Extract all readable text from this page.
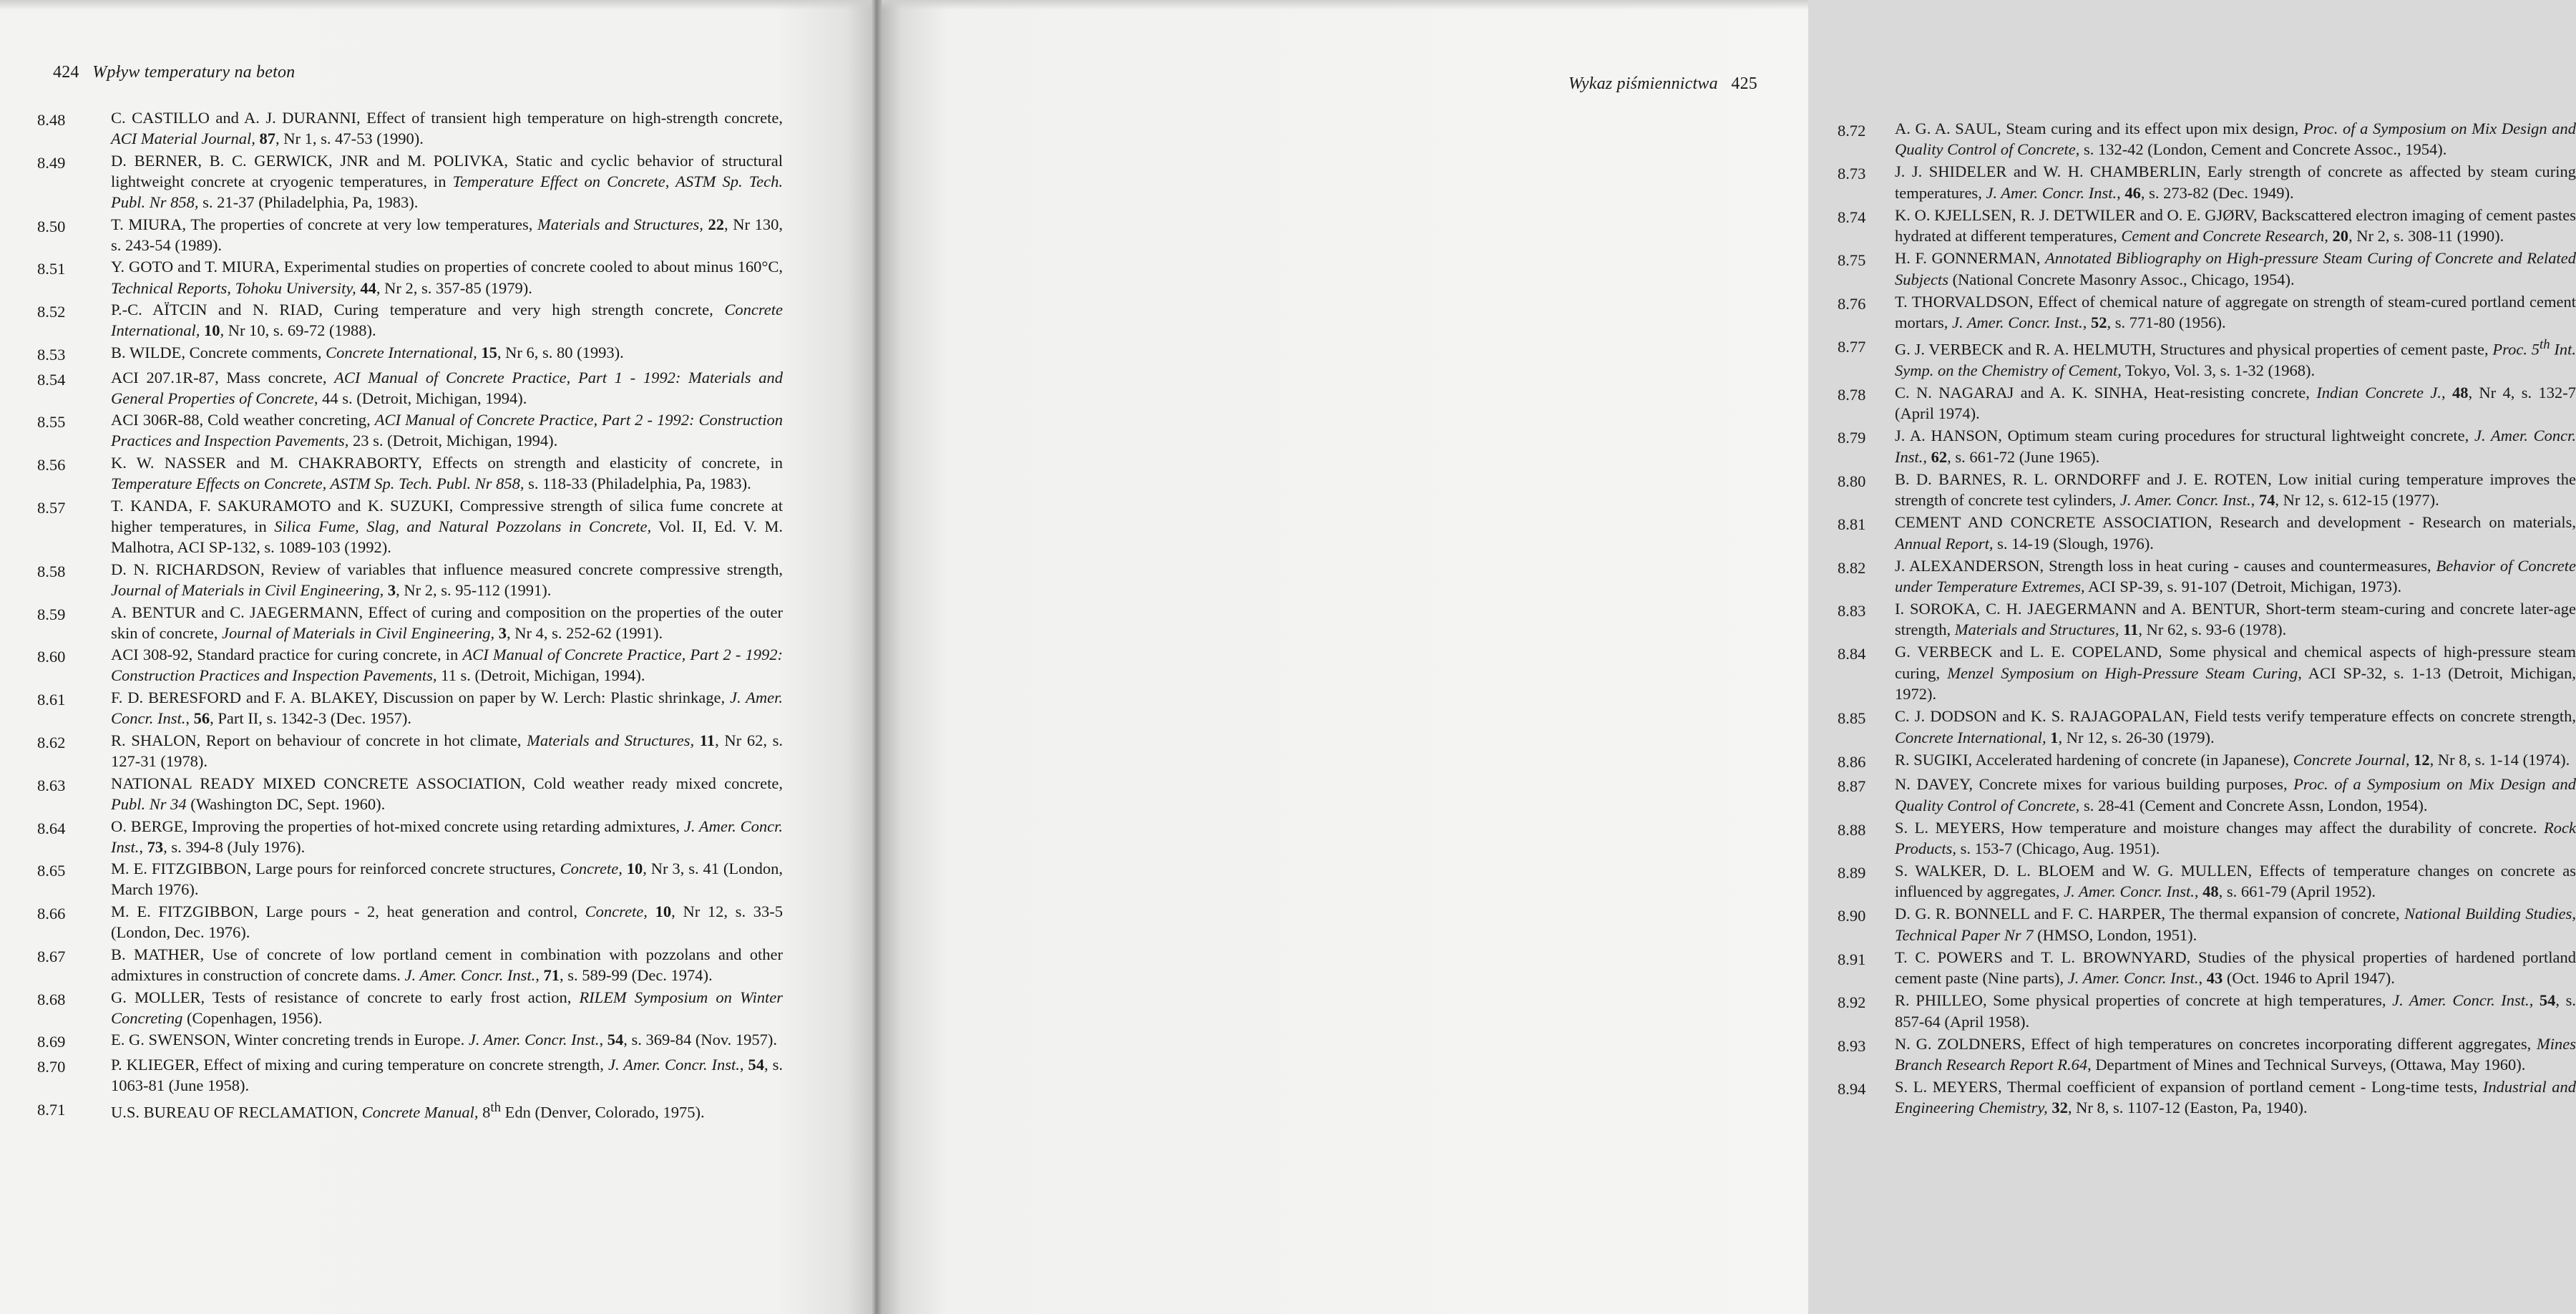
424 Wpływ temperatury na beton
8.48	C. CASTILLO and A. J. DURANNI, Effect of transient high temperature on high-strength concrete, ACI Material Journal, 87, Nr 1, s. 47-53 (1990).
8.49	D. BERNER, B. C. GERWICK, JNR and M. POLIVKA, Static and cyclic behavior of structural lightweight concrete at cryogenic temperatures, in Temperature Effect on Concrete, ASTM Sp. Tech. Publ. Nr 858, s. 21-37 (Philadelphia, Pa, 1983).
8.50	T. MIURA, The properties of concrete at very low temperatures, Materials and Structures, 22, Nr 130, s. 243-54 (1989).
8.51	Y. GOTO and T. MIURA, Experimental studies on properties of concrete cooled to about minus 160°C, Technical Reports, Tohoku University, 44, Nr 2, s. 357-85 (1979).
8.52	P.-C. AÏTCIN and N. RIAD, Curing temperature and very high strength concrete, Concrete International, 10, Nr 10, s. 69-72 (1988).
8.53	B. WILDE, Concrete comments, Concrete International, 15, Nr 6, s. 80 (1993).
8.54	ACI 207.1R-87, Mass concrete, ACI Manual of Concrete Practice, Part 1 - 1992: Materials and General Properties of Concrete, 44 s. (Detroit, Michigan, 1994).
8.55	ACI 306R-88, Cold weather concreting, ACI Manual of Concrete Practice, Part 2 - 1992: Construction Practices and Inspection Pavements, 23 s. (Detroit, Michigan, 1994).
8.56	K. W. NASSER and M. CHAKRABORTY, Effects on strength and elasticity of concrete, in Temperature Effects on Concrete, ASTM Sp. Tech. Publ. Nr 858, s. 118-33 (Philadelphia, Pa, 1983).
8.57	T. KANDA, F. SAKURAMOTO and K. SUZUKI, Compressive strength of silica fume concrete at higher temperatures, in Silica Fume, Slag, and Natural Pozzolans in Concrete, Vol. II, Ed. V. M. Malhotra, ACI SP-132, s. 1089-103 (1992).
8.58	D. N. RICHARDSON, Review of variables that influence measured concrete compressive strength, Journal of Materials in Civil Engineering, 3, Nr 2, s. 95-112 (1991).
8.59	A. BENTUR and C. JAEGERMANN, Effect of curing and composition on the properties of the outer skin of concrete, Journal of Materials in Civil Engineering, 3, Nr 4, s. 252-62 (1991).
8.60	ACI 308-92, Standard practice for curing concrete, in ACI Manual of Concrete Practice, Part 2 - 1992: Construction Practices and Inspection Pavements, 11 s. (Detroit, Michigan, 1994).
8.61	F. D. BERESFORD and F. A. BLAKEY, Discussion on paper by W. Lerch: Plastic shrinkage, J. Amer. Concr. Inst., 56, Part II, s. 1342-3 (Dec. 1957).
8.62	R. SHALON, Report on behaviour of concrete in hot climate, Materials and Structures, 11, Nr 62, s. 127-31 (1978).
8.63	NATIONAL READY MIXED CONCRETE ASSOCIATION, Cold weather ready mixed concrete, Publ. Nr 34 (Washington DC, Sept. 1960).
8.64	O. BERGE, Improving the properties of hot-mixed concrete using retarding admixtures, J. Amer. Concr. Inst., 73, s. 394-8 (July 1976).
8.65	M. E. FITZGIBBON, Large pours for reinforced concrete structures, Concrete, 10, Nr 3, s. 41 (London, March 1976).
8.66	M. E. FITZGIBBON, Large pours - 2, heat generation and control, Concrete, 10, Nr 12, s. 33-5 (London, Dec. 1976).
8.67	B. MATHER, Use of concrete of low portland cement in combination with pozzolans and other admixtures in construction of concrete dams. J. Amer. Concr. Inst., 71, s. 589-99 (Dec. 1974).
8.68	G. MOLLER, Tests of resistance of concrete to early frost action, RILEM Symposium on Winter Concreting (Copenhagen, 1956).
8.69	E. G. SWENSON, Winter concreting trends in Europe. J. Amer. Concr. Inst., 54, s. 369-84 (Nov. 1957).
8.70	P. KLIEGER, Effect of mixing and curing temperature on concrete strength, J. Amer. Concr. Inst., 54, s. 1063-81 (June 1958).
8.71	U.S. BUREAU OF RECLAMATION, Concrete Manual, 8th Edn (Denver, Colorado, 1975).
Wykaz piśmiennictwa 425
8.72	A. G. A. SAUL, Steam curing and its effect upon mix design, Proc. of a Symposium on Mix Design and Quality Control of Concrete, s. 132-42 (London, Cement and Concrete Assoc., 1954).
8.73	J. J. SHIDELER and W. H. CHAMBERLIN, Early strength of concrete as affected by steam curing temperatures, J. Amer. Concr. Inst., 46, s. 273-82 (Dec. 1949).
8.74	K. O. KJELLSEN, R. J. DETWILER and O. E. GJØRV, Backscattered electron imaging of cement pastes hydrated at different temperatures, Cement and Concrete Research, 20, Nr 2, s. 308-11 (1990).
8.75	H. F. GONNERMAN, Annotated Bibliography on High-pressure Steam Curing of Concrete and Related Subjects (National Concrete Masonry Assoc., Chicago, 1954).
8.76	T. THORVALDSON, Effect of chemical nature of aggregate on strength of steam-cured portland cement mortars, J. Amer. Concr. Inst., 52, s. 771-80 (1956).
8.77	G. J. VERBECK and R. A. HELMUTH, Structures and physical properties of cement paste, Proc. 5th Int. Symp. on the Chemistry of Cement, Tokyo, Vol. 3, s. 1-32 (1968).
8.78	C. N. NAGARAJ and A. K. SINHA, Heat-resisting concrete, Indian Concrete J., 48, Nr 4, s. 132-7 (April 1974).
8.79	J. A. HANSON, Optimum steam curing procedures for structural lightweight concrete, J. Amer. Concr. Inst., 62, s. 661-72 (June 1965).
8.80	B. D. BARNES, R. L. ORNDORFF and J. E. ROTEN, Low initial curing temperature improves the strength of concrete test cylinders, J. Amer. Concr. Inst., 74, Nr 12, s. 612-15 (1977).
8.81	CEMENT AND CONCRETE ASSOCIATION, Research and development - Research on materials, Annual Report, s. 14-19 (Slough, 1976).
8.82	J. ALEXANDERSON, Strength loss in heat curing - causes and countermeasures, Behavior of Concrete under Temperature Extremes, ACI SP-39, s. 91-107 (Detroit, Michigan, 1973).
8.83	I. SOROKA, C. H. JAEGERMANN and A. BENTUR, Short-term steam-curing and concrete later-age strength, Materials and Structures, 11, Nr 62, s. 93-6 (1978).
8.84	G. VERBECK and L. E. COPELAND, Some physical and chemical aspects of high-pressure steam curing, Menzel Symposium on High-Pressure Steam Curing, ACI SP-32, s. 1-13 (Detroit, Michigan, 1972).
8.85	C. J. DODSON and K. S. RAJAGOPALAN, Field tests verify temperature effects on concrete strength, Concrete International, 1, Nr 12, s. 26-30 (1979).
8.86	R. SUGIKI, Accelerated hardening of concrete (in Japanese), Concrete Journal, 12, Nr 8, s. 1-14 (1974).
8.87	N. DAVEY, Concrete mixes for various building purposes, Proc. of a Symposium on Mix Design and Quality Control of Concrete, s. 28-41 (Cement and Concrete Assn, London, 1954).
8.88	S. L. MEYERS, How temperature and moisture changes may affect the durability of concrete. Rock Products, s. 153-7 (Chicago, Aug. 1951).
8.89	S. WALKER, D. L. BLOEM and W. G. MULLEN, Effects of temperature changes on concrete as influenced by aggregates, J. Amer. Concr. Inst., 48, s. 661-79 (April 1952).
8.90	D. G. R. BONNELL and F. C. HARPER, The thermal expansion of concrete, National Building Studies, Technical Paper Nr 7 (HMSO, London, 1951).
8.91	T. C. POWERS and T. L. BROWNYARD, Studies of the physical properties of hardened portland cement paste (Nine parts), J. Amer. Concr. Inst., 43 (Oct. 1946 to April 1947).
8.92	R. PHILLEO, Some physical properties of concrete at high temperatures, J. Amer. Concr. Inst., 54, s. 857-64 (April 1958).
8.93	N. G. ZOLDNERS, Effect of high temperatures on concretes incorporating different aggregates, Mines Branch Research Report R.64, Department of Mines and Technical Surveys, (Ottawa, May 1960).
8.94	S. L. MEYERS, Thermal coefficient of expansion of portland cement - Long-time tests, Industrial and Engineering Chemistry, 32, Nr 8, s. 1107-12 (Easton, Pa, 1940).
